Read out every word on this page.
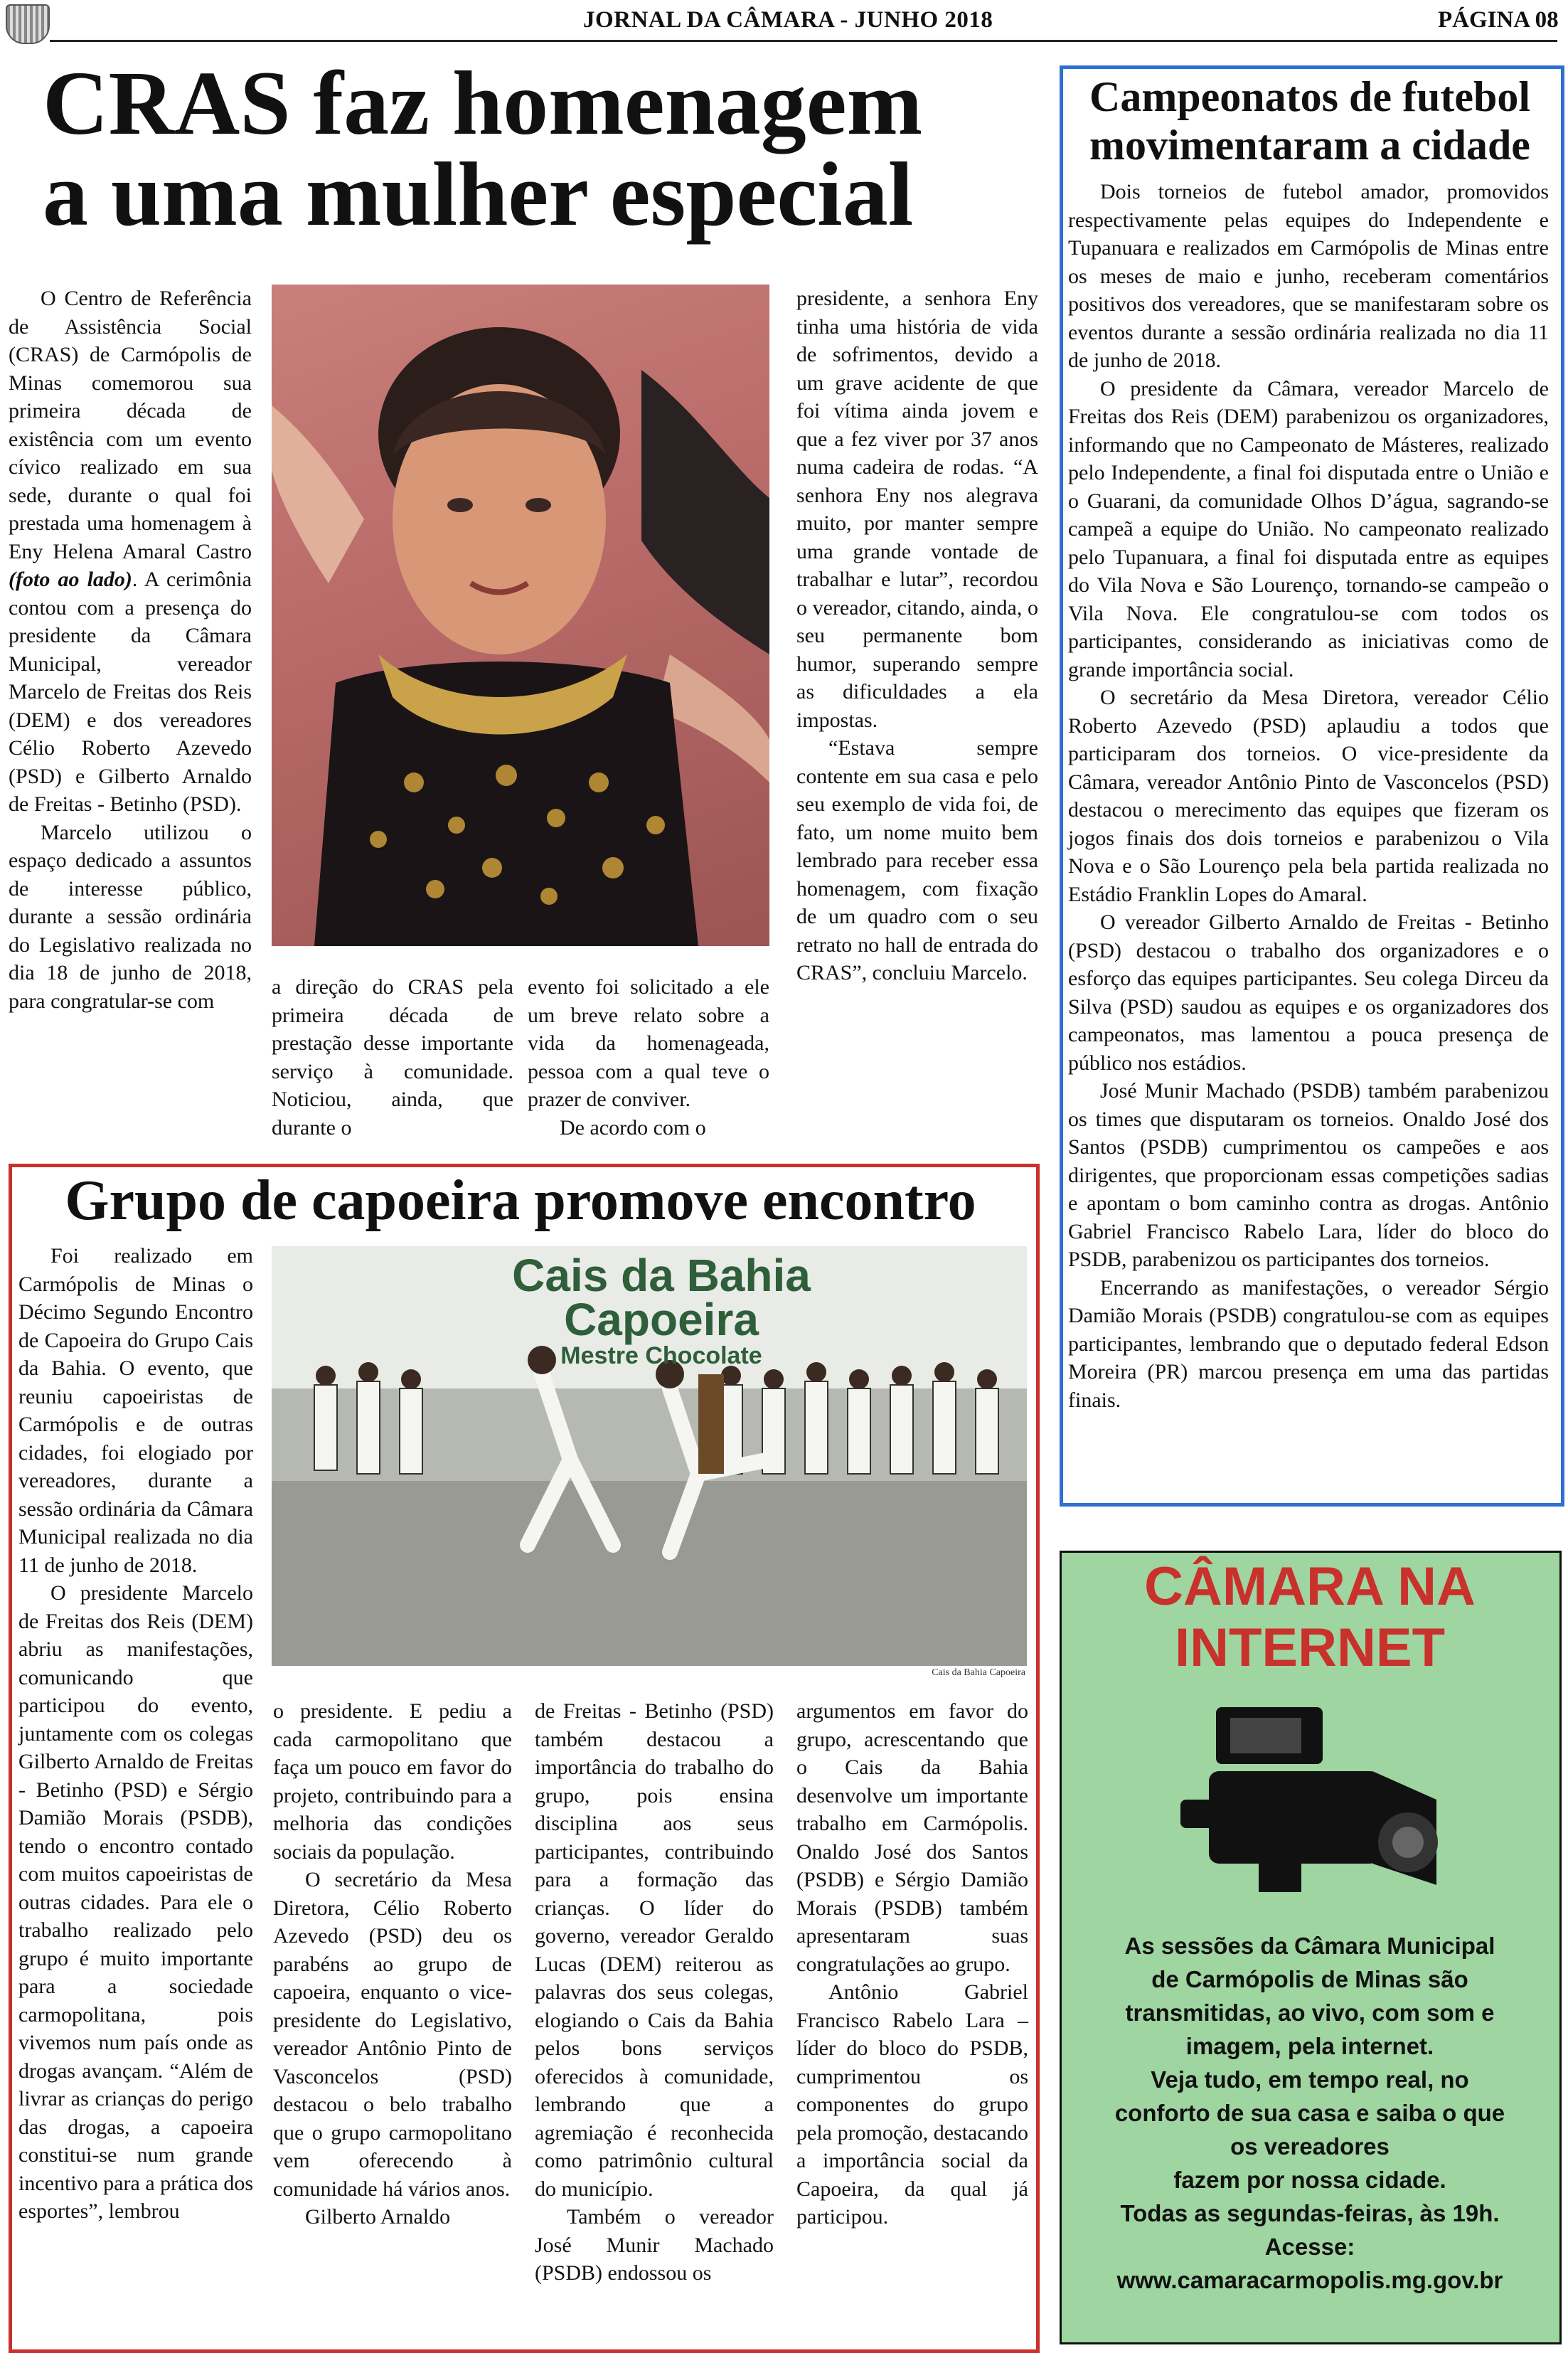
JORNAL DA CÂMARA - JUNHO 2018	PÁGINA 08
CRAS faz homenagem
a uma mulher especial

O Centro de Referência de Assistência Social (CRAS) de Carmópolis de Minas comemorou sua primeira década de existência com um evento cívico realizado em sua sede, durante o qual foi prestada uma homenagem à Eny Helena Amaral Castro (foto ao lado). A cerimônia contou com a presença do presidente da Câmara Municipal, vereador Marcelo de Freitas dos Reis (DEM) e dos vereadores Célio Roberto Azevedo (PSD) e Gilberto Arnaldo de Freitas - Betinho (PSD).

Marcelo utilizou o espaço dedicado a assuntos de interesse público, durante a sessão ordinária do Legislativo realizada no dia 18 de junho de 2018, para congratular-se com

a direção do CRAS pela primeira década de prestação desse importante serviço à comunidade. Noticiou, ainda, que durante o

evento foi solicitado a ele um breve relato sobre a vida da homenageada, pessoa com a qual teve o prazer de conviver.

De acordo com o

presidente, a senhora Eny tinha uma história de vida de sofrimentos, devido a um grave acidente de que foi vítima ainda jovem e que a fez viver por 37 anos numa cadeira de rodas. “A senhora Eny nos alegrava muito, por manter sempre uma grande vontade de trabalhar e lutar”, recordou o vereador, citando, ainda, o seu permanente bom humor, superando sempre as dificuldades a ela impostas.

“Estava sempre contente em sua casa e pelo seu exemplo de vida foi, de fato, um nome muito bem lembrado para receber essa homenagem, com fixação de um quadro com o seu retrato no hall de entrada do CRAS”, concluiu Marcelo.

Campeonatos de futebol
movimentaram a cidade

Dois torneios de futebol amador, promovidos respectivamente pelas equipes do Independente e Tupanuara e realizados em Carmópolis de Minas entre os meses de maio e junho, receberam comentários positivos dos vereadores, que se manifestaram sobre os eventos durante a sessão ordinária realizada no dia 11 de junho de 2018.

O presidente da Câmara, vereador Marcelo de Freitas dos Reis (DEM) parabenizou os organizadores, informando que no Campeonato de Másteres, realizado pelo Independente, a final foi disputada entre o União e o Guarani, da comunidade Olhos D’água, sagrando-se campeã a equipe do União. No campeonato realizado pelo Tupanuara, a final foi disputada entre as equipes do Vila Nova e São Lourenço, tornando-se campeão o Vila Nova. Ele congratulou-se com todos os participantes, considerando as iniciativas como de grande importância social.

O secretário da Mesa Diretora, vereador Célio Roberto Azevedo (PSD) aplaudiu a todos que participaram dos torneios. O vice-presidente da Câmara, vereador Antônio Pinto de Vasconcelos (PSD) destacou o merecimento das equipes que fizeram os jogos finais dos dois torneios e parabenizou o Vila Nova e o São Lourenço pela bela partida realizada no Estádio Franklin Lopes do Amaral.

O vereador Gilberto Arnaldo de Freitas - Betinho (PSD) destacou o trabalho dos organizadores e o esforço das equipes participantes. Seu colega Dirceu da Silva (PSD) saudou as equipes e os organizadores dos campeonatos, mas lamentou a pouca presença de público nos estádios.

José Munir Machado (PSDB) também parabenizou os times que disputaram os torneios. Onaldo José dos Santos (PSDB) cumprimentou os campeões e aos dirigentes, que proporcionam essas competições sadias e apontam o bom caminho contra as drogas. Antônio Gabriel Francisco Rabelo Lara, líder do bloco do PSDB, parabenizou os participantes dos torneios.

Encerrando as manifestações, o vereador Sérgio Damião Morais (PSDB) congratulou-se com as equipes participantes, lembrando que o deputado federal Edson Moreira (PR) marcou presença em uma das partidas finais.

Grupo de capoeira promove encontro
Cais da Bahia
Capoeira
Mestre Chocolate
Cais da Bahia Capoeira

Foi realizado em Carmópolis de Minas o Décimo Segundo Encontro de Capoeira do Grupo Cais da Bahia. O evento, que reuniu capoeiristas de Carmópolis e de outras cidades, foi elogiado por vereadores, durante a sessão ordinária da Câmara Municipal realizada no dia 11 de junho de 2018.

O presidente Marcelo de Freitas dos Reis (DEM) abriu as manifestações, comunicando que participou do evento, juntamente com os colegas Gilberto Arnaldo de Freitas - Betinho (PSD) e Sérgio Damião Morais (PSDB), tendo o encontro contado com muitos capoeiristas de outras cidades. Para ele o trabalho realizado pelo grupo é muito importante para a sociedade carmopolitana, pois vivemos num país onde as drogas avançam. “Além de livrar as crianças do perigo das drogas, a capoeira constitui-se num grande incentivo para a prática dos esportes”, lembrou

o presidente. E pediu a cada carmopolitano que faça um pouco em favor do projeto, contribuindo para a melhoria das condições sociais da população.

O secretário da Mesa Diretora, Célio Roberto Azevedo (PSD) deu os parabéns ao grupo de capoeira, enquanto o vice-presidente do Legislativo, vereador Antônio Pinto de Vasconcelos (PSD) destacou o belo trabalho que o grupo carmopolitano vem oferecendo à comunidade há vários anos.

Gilberto Arnaldo

de Freitas - Betinho (PSD) também destacou a importância do trabalho do grupo, pois ensina disciplina aos seus participantes, contribuindo para a formação das crianças. O líder do governo, vereador Geraldo Lucas (DEM) reiterou as palavras dos seus colegas, elogiando o Cais da Bahia pelos bons serviços oferecidos à comunidade, lembrando que a agremiação é reconhecida como patrimônio cultural do município.

Também o vereador José Munir Machado (PSDB) endossou os

argumentos em favor do grupo, acrescentando que o Cais da Bahia desenvolve um importante trabalho em Carmópolis. Onaldo José dos Santos (PSDB) e Sérgio Damião Morais (PSDB) também apresentaram suas congratulações ao grupo.

Antônio Gabriel Francisco Rabelo Lara – líder do bloco do PSDB, cumprimentou os componentes do grupo pela promoção, destacando a importância social da Capoeira, da qual já participou.

CÂMARA NA
INTERNET
As sessões da Câmara Municipal
de Carmópolis de Minas são
transmitidas, ao vivo, com som e
imagem, pela internet.
Veja tudo, em tempo real, no
conforto de sua casa e saiba o que
os vereadores
fazem por nossa cidade.
Todas as segundas-feiras, às 19h.
Acesse:
www.camaracarmopolis.mg.gov.br
